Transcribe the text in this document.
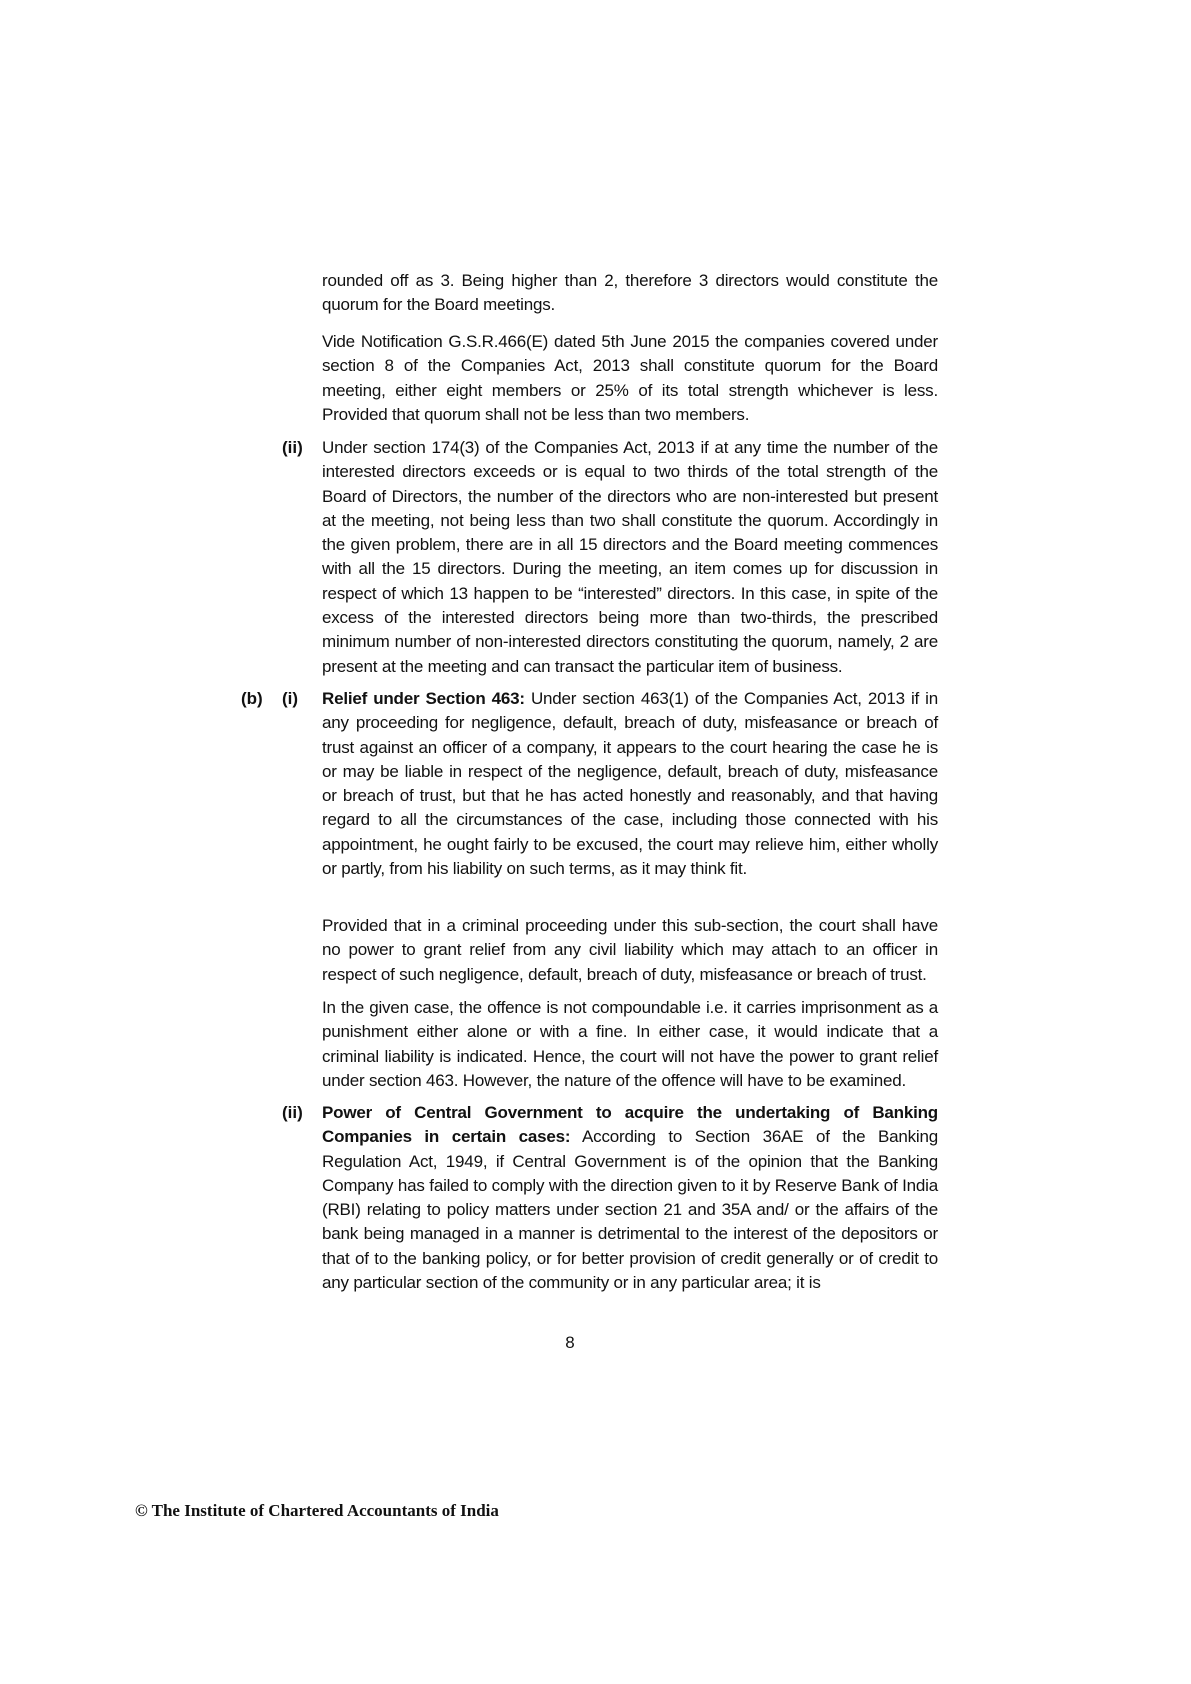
rounded off as 3. Being higher than 2, therefore 3 directors would constitute the quorum for the Board meetings.

Vide Notification G.S.R.466(E) dated 5th June 2015 the companies covered under section 8 of the Companies Act, 2013 shall constitute quorum for the Board meeting, either eight members or 25% of its total strength whichever is less. Provided that quorum shall not be less than two members.

(ii) Under section 174(3) of the Companies Act, 2013 if at any time the number of the interested directors exceeds or is equal to two thirds of the total strength of the Board of Directors, the number of the directors who are non-interested but present at the meeting, not being less than two shall constitute the quorum. Accordingly in the given problem, there are in all 15 directors and the Board meeting commences with all the 15 directors. During the meeting, an item comes up for discussion in respect of which 13 happen to be “interested” directors. In this case, in spite of the excess of the interested directors being more than two-thirds, the prescribed minimum number of non-interested directors constituting the quorum, namely, 2 are present at the meeting and can transact the particular item of business.

(b) (i) Relief under Section 463: Under section 463(1) of the Companies Act, 2013 if in any proceeding for negligence, default, breach of duty, misfeasance or breach of trust against an officer of a company, it appears to the court hearing the case he is or may be liable in respect of the negligence, default, breach of duty, misfeasance or breach of trust, but that he has acted honestly and reasonably, and that having regard to all the circumstances of the case, including those connected with his appointment, he ought fairly to be excused, the court may relieve him, either wholly or partly, from his liability on such terms, as it may think fit.

Provided that in a criminal proceeding under this sub-section, the court shall have no power to grant relief from any civil liability which may attach to an officer in respect of such negligence, default, breach of duty, misfeasance or breach of trust.

In the given case, the offence is not compoundable i.e. it carries imprisonment as a punishment either alone or with a fine. In either case, it would indicate that a criminal liability is indicated. Hence, the court will not have the power to grant relief under section 463. However, the nature of the offence will have to be examined.

(ii) Power of Central Government to acquire the undertaking of Banking Companies in certain cases: According to Section 36AE of the Banking Regulation Act, 1949, if Central Government is of the opinion that the Banking Company has failed to comply with the direction given to it by Reserve Bank of India (RBI) relating to policy matters under section 21 and 35A and/ or the affairs of the bank being managed in a manner is detrimental to the interest of the depositors or that of to the banking policy, or for better provision of credit generally or of credit to any particular section of the community or in any particular area; it is

8
© The Institute of Chartered Accountants of India
